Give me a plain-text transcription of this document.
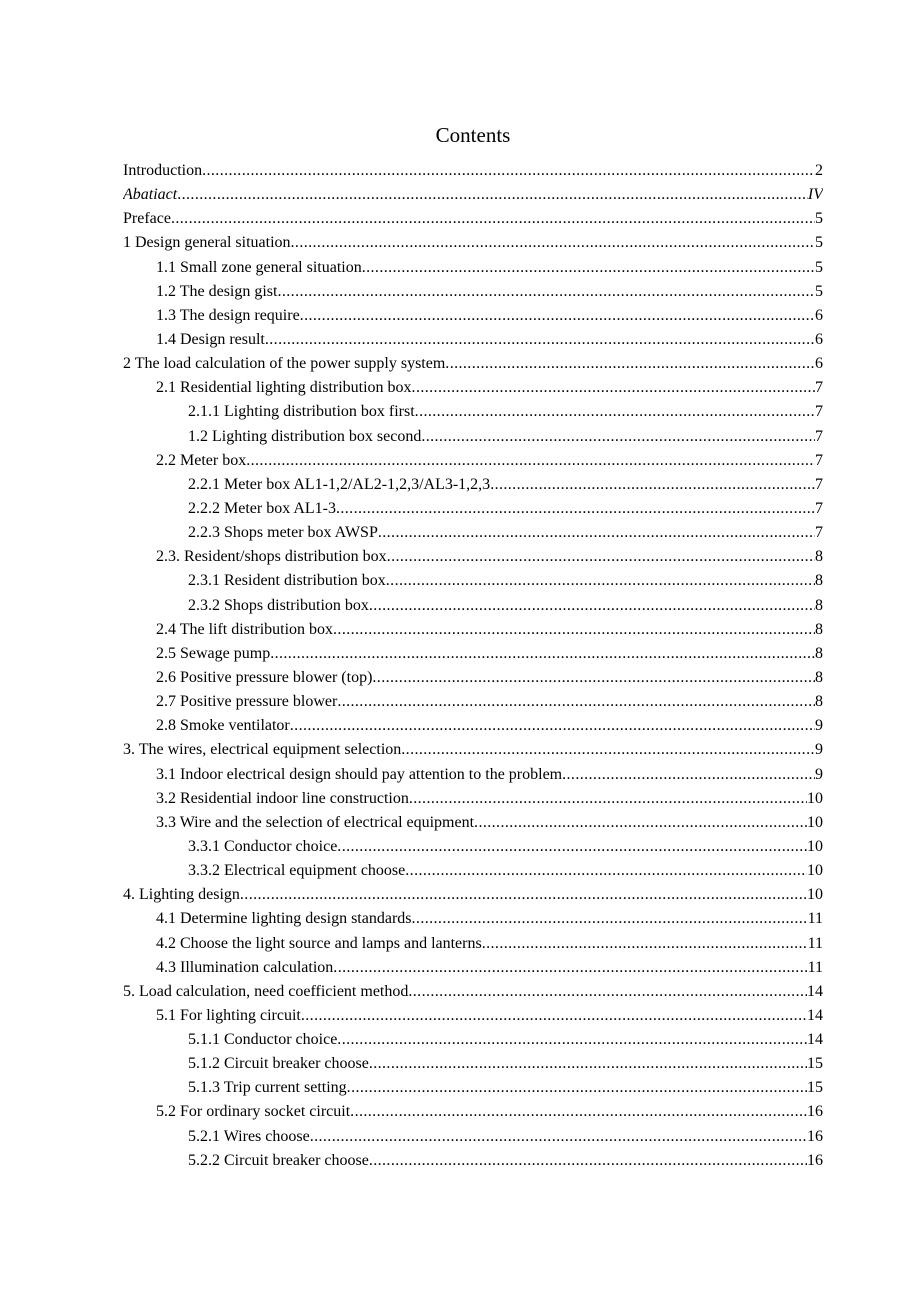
Contents
Introduction .....	2
Abatiact .....	IV
Preface .....	5
1 Design general situation .....	5
1.1 Small zone general situation .....	5
1.2 The design gist .....	5
1.3 The design require .....	6
1.4 Design result .....	6
2 The load calculation of the power supply system .....	6
2.1 Residential lighting distribution box .....	7
2.1.1 Lighting distribution box first .....	7
1.2 Lighting distribution box second .....	7
2.2 Meter box .....	7
2.2.1 Meter box AL1-1,2/AL2-1,2,3/AL3-1,2,3 .....	7
2.2.2 Meter box AL1-3 .....	7
2.2.3 Shops meter box AWSP .....	7
2.3. Resident/shops distribution box .....	8
2.3.1 Resident distribution box .....	8
2.3.2 Shops distribution box .....	8
2.4 The lift distribution box .....	8
2.5 Sewage pump .....	8
2.6 Positive pressure blower (top) .....	8
2.7 Positive pressure blower .....	8
2.8 Smoke ventilator .....	9
3. The wires, electrical equipment selection .....	9
3.1 Indoor electrical design should pay attention to the problem .....	9
3.2 Residential indoor line construction .....	10
3.3 Wire and the selection of electrical equipment .....	10
3.3.1 Conductor choice .....	10
3.3.2 Electrical equipment choose .....	10
4. Lighting design .....	10
4.1 Determine lighting design standards .....	11
4.2 Choose the light source and lamps and lanterns .....	11
4.3 Illumination calculation .....	11
5. Load calculation, need coefficient method .....	14
5.1 For lighting circuit .....	14
5.1.1 Conductor choice .....	14
5.1.2 Circuit breaker choose .....	15
5.1.3 Trip current setting .....	15
5.2 For ordinary socket circuit .....	16
5.2.1 Wires choose .....	16
5.2.2 Circuit breaker choose .....	16
